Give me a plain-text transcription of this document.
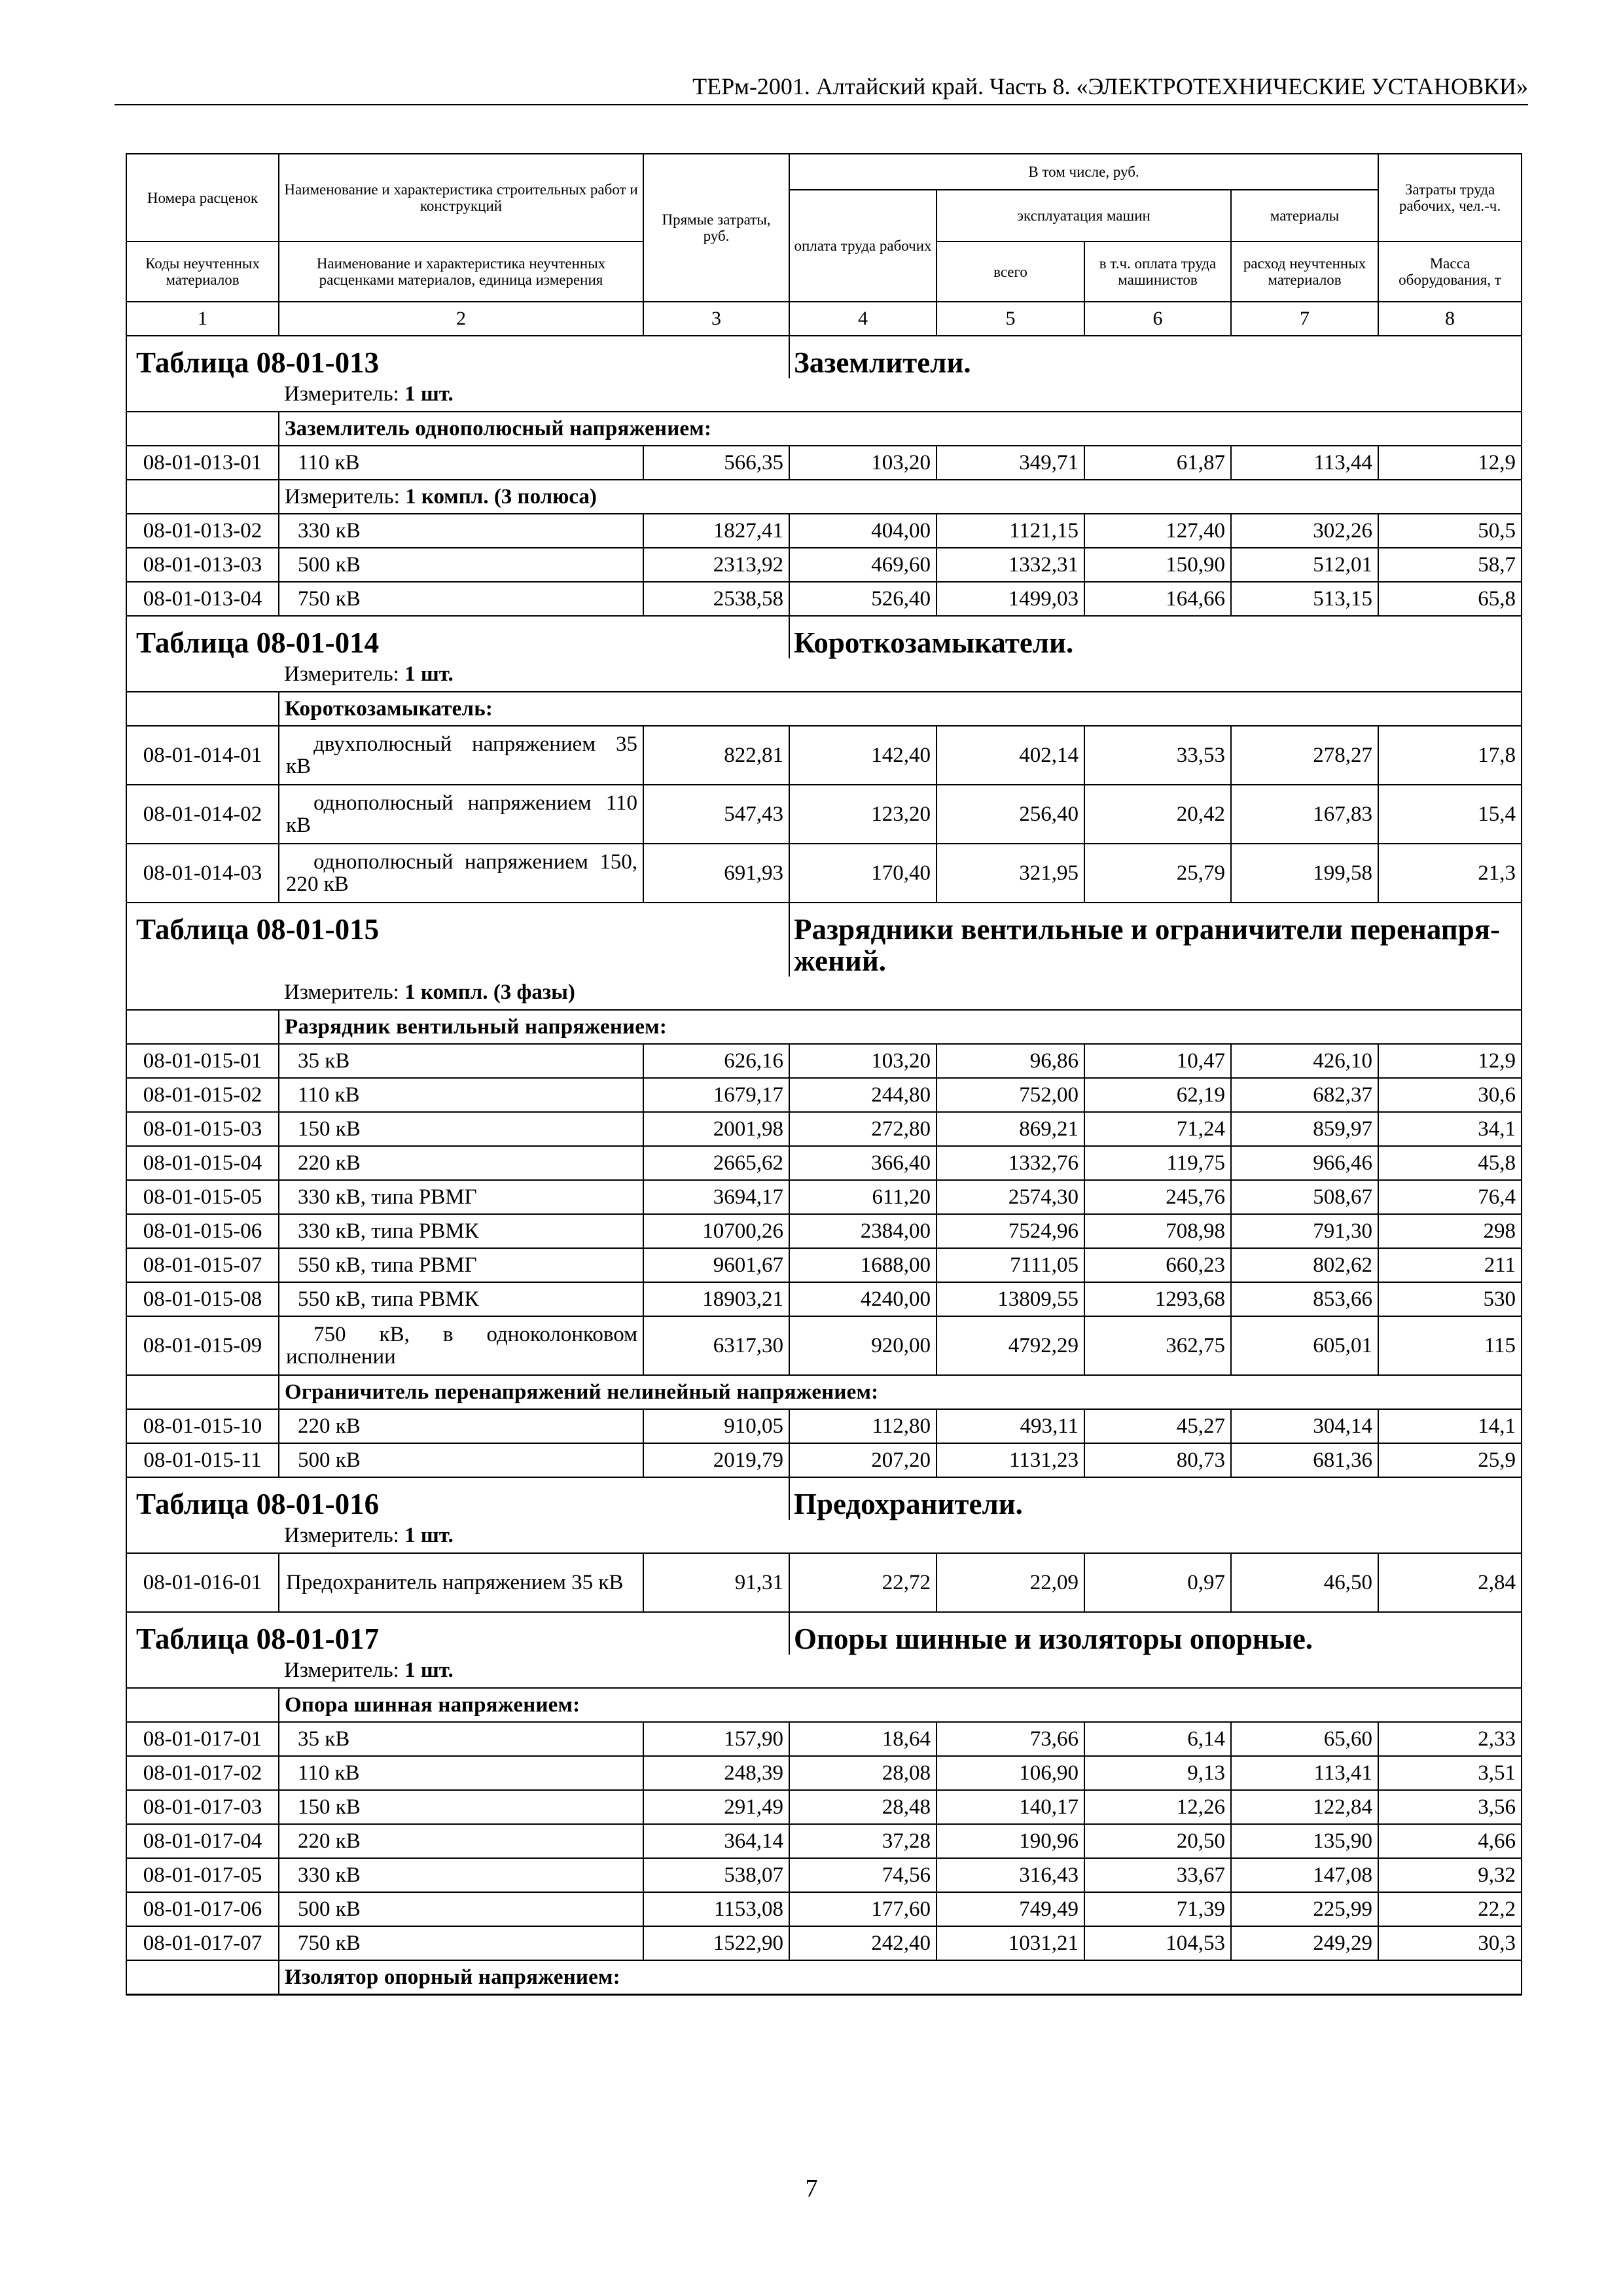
ТЕРм-2001. Алтайский край. Часть 8. «ЭЛЕКТРОТЕХНИЧЕСКИЕ УСТАНОВКИ»
Номера расценок	Наименование и характеристика строительных работ и конструкций	Прямые затраты, руб.	В том числе, руб.				Затраты труда рабочих, чел.-ч.
			оплата труда рабочих	эксплуатация машин		материалы	
Коды неучтенных материалов	Наименование и характеристика неучтенных расценками материалов, единица измерения			всего	в т.ч. оплата труда машинистов	расход неучтенных материалов	Масса оборудования, т
1	2	3	4	5	6	7	8
Таблица 08-01-013			Заземлители.				

	Измеритель: 1 шт.						
	Заземлитель однополюсный напряжением:						
08-01-013-01	110 кВ	566,35	103,20	349,71	61,87	113,44	12,9
	Измеритель: 1 компл. (3 полюса)						
08-01-013-02	330 кВ	1827,41	404,00	1121,15	127,40	302,26	50,5
08-01-013-03	500 кВ	2313,92	469,60	1332,31	150,90	512,01	58,7
08-01-013-04	750 кВ	2538,58	526,40	1499,03	164,66	513,15	65,8
Таблица 08-01-014			Короткозамыкатели.				

	Измеритель: 1 шт.						
	Короткозамыкатель:						
08-01-014-01	двухполюсный напряжением 35 кВ	822,81	142,40	402,14	33,53	278,27	17,8
08-01-014-02	однополюсный напряжением 110 кВ	547,43	123,20	256,40	20,42	167,83	15,4
08-01-014-03	однополюсный напряжением 150, 220 кВ	691,93	170,40	321,95	25,79	199,58	21,3
Таблица 08-01-015			Разрядники вентильные и ограничители перенапря-
жений.				

	Измеритель: 1 компл. (3 фазы)						
	Разрядник вентильный напряжением:						
08-01-015-01	35 кВ	626,16	103,20	96,86	10,47	426,10	12,9
08-01-015-02	110 кВ	1679,17	244,80	752,00	62,19	682,37	30,6
08-01-015-03	150 кВ	2001,98	272,80	869,21	71,24	859,97	34,1
08-01-015-04	220 кВ	2665,62	366,40	1332,76	119,75	966,46	45,8
08-01-015-05	330 кВ, типа РВМГ	3694,17	611,20	2574,30	245,76	508,67	76,4
08-01-015-06	330 кВ, типа РВМК	10700,26	2384,00	7524,96	708,98	791,30	298
08-01-015-07	550 кВ, типа РВМГ	9601,67	1688,00	7111,05	660,23	802,62	211
08-01-015-08	550 кВ, типа РВМК	18903,21	4240,00	13809,55	1293,68	853,66	530
08-01-015-09	750 кВ, в одноколонковом исполнении	6317,30	920,00	4792,29	362,75	605,01	115
	Ограничитель перенапряжений нелинейный напряжением:						
08-01-015-10	220 кВ	910,05	112,80	493,11	45,27	304,14	14,1
08-01-015-11	500 кВ	2019,79	207,20	1131,23	80,73	681,36	25,9
Таблица 08-01-016			Предохранители.				

	Измеритель: 1 шт.						
08-01-016-01	Предохранитель напряжением 35 кВ	91,31	22,72	22,09	0,97	46,50	2,84
Таблица 08-01-017			Опоры шинные и изоляторы опорные.				

	Измеритель: 1 шт.						
	Опора шинная напряжением:						
08-01-017-01	35 кВ	157,90	18,64	73,66	6,14	65,60	2,33
08-01-017-02	110 кВ	248,39	28,08	106,90	9,13	113,41	3,51
08-01-017-03	150 кВ	291,49	28,48	140,17	12,26	122,84	3,56
08-01-017-04	220 кВ	364,14	37,28	190,96	20,50	135,90	4,66
08-01-017-05	330 кВ	538,07	74,56	316,43	33,67	147,08	9,32
08-01-017-06	500 кВ	1153,08	177,60	749,49	71,39	225,99	22,2
08-01-017-07	750 кВ	1522,90	242,40	1031,21	104,53	249,29	30,3
	Изолятор опорный напряжением:						
7
